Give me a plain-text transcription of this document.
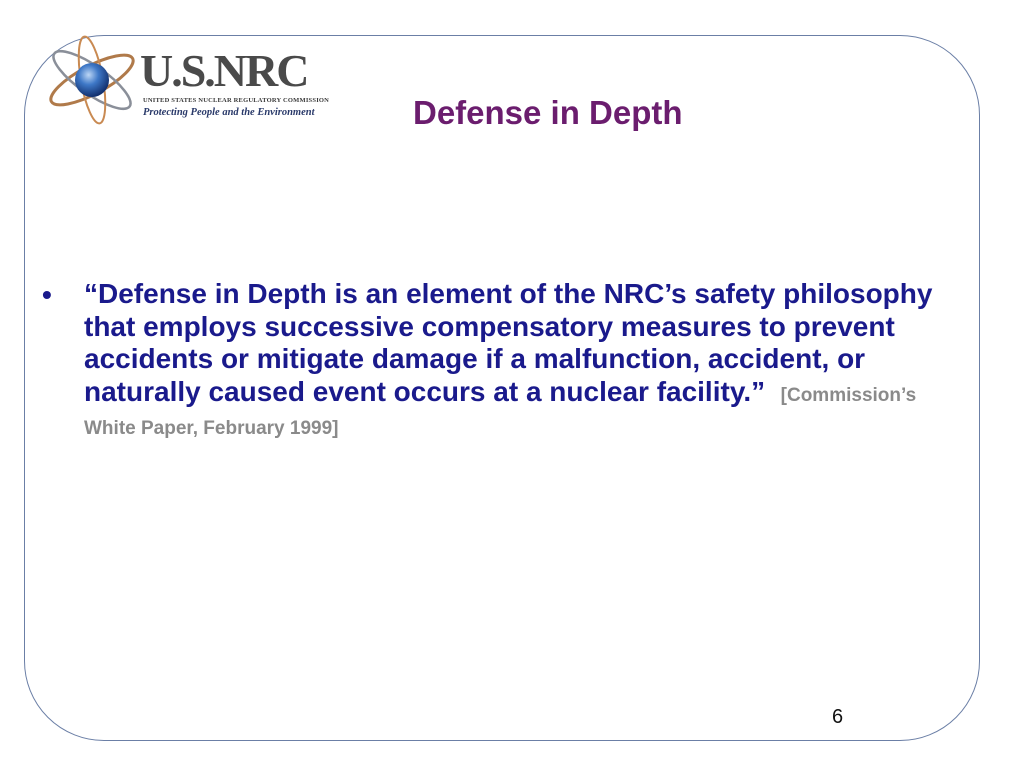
U.S.NRC
UNITED STATES NUCLEAR REGULATORY COMMISSION
Protecting People and the Environment	Defense in Depth
• “Defense in Depth is an element of the NRC’s safety philosophy that employs successive compensatory measures to prevent accidents or mitigate damage if a malfunction, accident, or naturally caused event occurs at a nuclear facility.” [Commission’s White Paper, February 1999]
6
